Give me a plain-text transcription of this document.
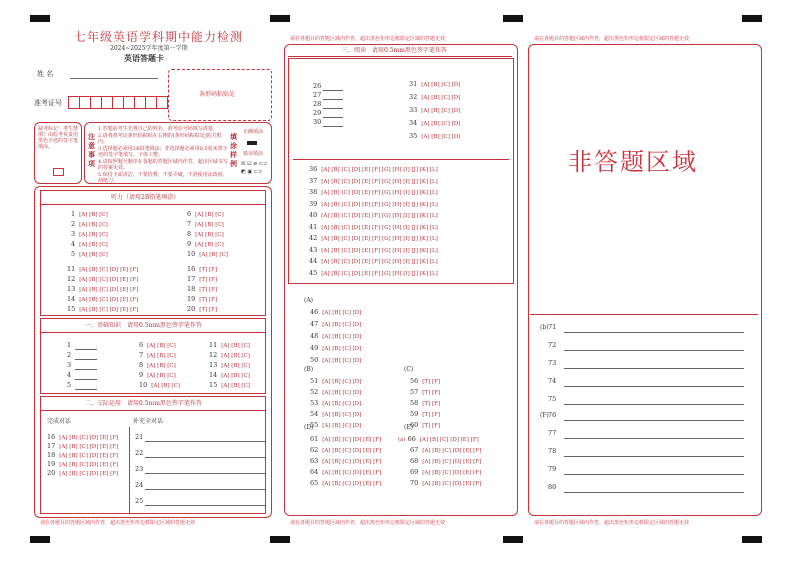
七年级英语学科期中能力检测
2024~2025学年度第一学期
英语答题卡
姓 名
准考证号
条形码粘贴处
缺考标记：考生禁填！由监考负责用黑色字迹的签字笔填涂。
注意事项
1.答题前考生先将自己的姓名、准考证号码填写清楚。
2.请将准考证条形码粘贴在右侧的[条形码粘贴处]的方框内。
3.选择题必须用2B铅笔填涂；非选择题必须用0.5毫米黑字迹的签字笔填写，字体工整。
4.请按照题号顺序在各题的答题区域内作答，超出区域书写的答案无效。
5.保持卡面清洁，不要折叠，不要弄破，不准使用涂改液、刮纸刀。
填涂样例
正确填涂
错误填涂
☒ ☑ ⊖ ⊂⊃
◩ ▣ ⊂⊃
听力（请用2B铅笔填涂）
1 [A] [B] [C]
2 [A] [B] [C]
3 [A] [B] [C]
4 [A] [B] [C]
5 [A] [B] [C]
6 [A] [B] [C]
7 [A] [B] [C]
8 [A] [B] [C]
9 [A] [B] [C]
10 [A] [B] [C]
11 [A] [B] [C] [D] [E] [F]
12 [A] [B] [C] [D] [E] [F]
13 [A] [B] [C] [D] [E] [F]
14 [A] [B] [C] [D] [E] [F]
15 [A] [B] [C] [D] [E] [F]
16 [T] [F]
17 [T] [F]
18 [T] [F]
19 [T] [F]
20 [T] [F]
一、基础知识　请用0.5mm黑色签字笔作答
1
2
3
4
5
6 [A] [B] [C]
7 [A] [B] [C]
8 [A] [B] [C]
9 [A] [B] [C]
10 [A] [B] [C]
11 [A] [B] [C]
12 [A] [B] [C]
13 [A] [B] [C]
14 [A] [B] [C]
15 [A] [B] [C]
二、交际运用　请用0.5mm黑色签字笔作答
完成对话	补充全对话
16 [A] [B] [C] [D] [E] [F]
17 [A] [B] [C] [D] [E] [F]
18 [A] [B] [C] [D] [E] [F]
19 [A] [B] [C] [D] [E] [F]
20 [A] [B] [C] [D] [E] [F]
21
22
23
24
25
请在各题目的答题区域内作答，超出黑色矩形边框限定区域的答题无效
请在各题目的答题区域内作答，超出黑色矩形边框限定区域的答题无效
三、阅读　请用0.5mm黑色签字笔作答
26
27
28
29
30
31 [A] [B] [C] [D]
32 [A] [B] [C] [D]
33 [A] [B] [C] [D]
34 [A] [B] [C] [D]
35 [A] [B] [C] [D]
36 [A] [B] [C] [D] [E] [F] [G] [H] [I] [J] [K] [L]
37 [A] [B] [C] [D] [E] [F] [G] [H] [I] [J] [K] [L]
38 [A] [B] [C] [D] [E] [F] [G] [H] [I] [J] [K] [L]
39 [A] [B] [C] [D] [E] [F] [G] [H] [I] [J] [K] [L]
40 [A] [B] [C] [D] [E] [F] [G] [H] [I] [J] [K] [L]
41 [A] [B] [C] [D] [E] [F] [G] [H] [I] [J] [K] [L]
42 [A] [B] [C] [D] [E] [F] [G] [H] [I] [J] [K] [L]
43 [A] [B] [C] [D] [E] [F] [G] [H] [I] [J] [K] [L]
44 [A] [B] [C] [D] [E] [F] [G] [H] [I] [J] [K] [L]
45 [A] [B] [C] [D] [E] [F] [G] [H] [I] [J] [K] [L]
(A)
46 [A] [B] [C] [D]
47 [A] [B] [C] [D]
48 [A] [B] [C] [D]
49 [A] [B] [C] [D]
50 [A] [B] [C] [D]
(B)
51 [A] [B] [C] [D]
52 [A] [B] [C] [D]
53 [A] [B] [C] [D]
54 [A] [B] [C] [D]
55 [A] [B] [C] [D]
(C)
56 [T] [F]
57 [T] [F]
58 [T] [F]
59 [T] [F]
60 [T] [F]
(D)
61 [A] [B] [C] [D] [E] [F]
62 [A] [B] [C] [D] [E] [F]
63 [A] [B] [C] [D] [E] [F]
64 [A] [B] [C] [D] [E] [F]
65 [A] [B] [C] [D] [E] [F]
(E)
(a) 66 [A] [B] [C] [D] [E] [F]
67 [A] [B] [C] [D] [E] [F]
68 [A] [B] [C] [D] [E] [F]
69 [A] [B] [C] [D] [E] [F]
70 [A] [B] [C] [D] [E] [F]
请在各题目的答题区域内作答，超出黑色矩形边框限定区域的答题无效
请在各题目的答题区域内作答，超出黑色矩形边框限定区域的答题无效
非答题区域
(b) 71
72
73
74
75
(F) 76
77
78
79
80
请在各题目的答题区域内作答，超出黑色矩形边框限定区域的答题无效
